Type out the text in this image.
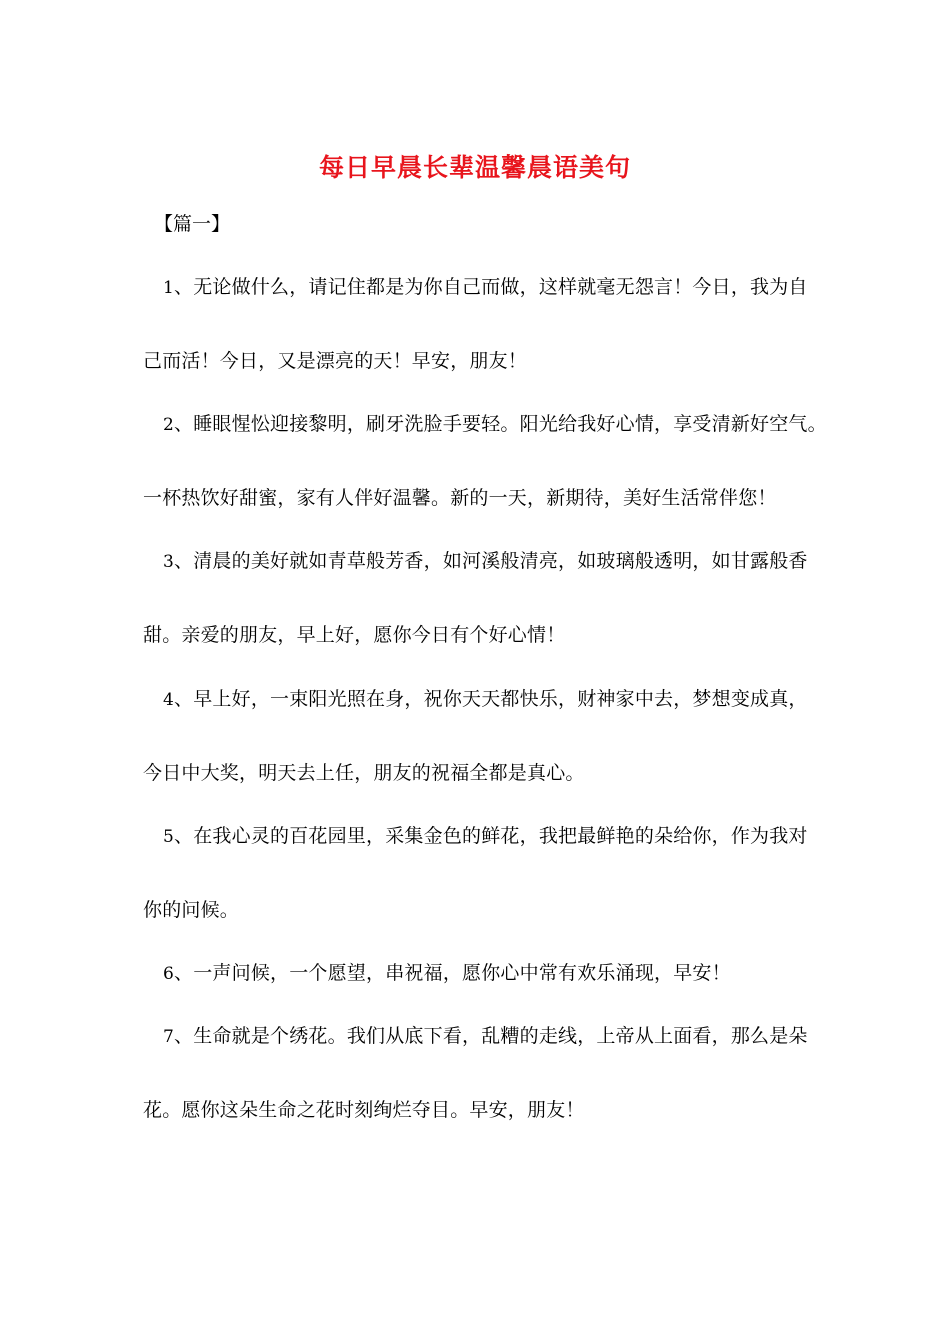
每日早晨长辈温馨晨语美句
【篇一】
1、无论做什么，请记住都是为你自己而做，这样就毫无怨言！今日，我为自
己而活！今日，又是漂亮的天！早安，朋友！
2、睡眼惺忪迎接黎明，刷牙洗脸手要轻。阳光给我好心情，享受清新好空气。
一杯热饮好甜蜜，家有人伴好温馨。新的一天，新期待，美好生活常伴您！
3、清晨的美好就如青草般芳香，如河溪般清亮，如玻璃般透明，如甘露般香
甜。亲爱的朋友，早上好，愿你今日有个好心情！
4、早上好，一束阳光照在身，祝你天天都快乐，财神家中去，梦想变成真，
今日中大奖，明天去上任，朋友的祝福全都是真心。
5、在我心灵的百花园里，采集金色的鲜花，我把最鲜艳的朵给你，作为我对
你的问候。
6、一声问候，一个愿望，串祝福，愿你心中常有欢乐涌现，早安！
7、生命就是个绣花。我们从底下看，乱糟的走线，上帝从上面看，那么是朵
花。愿你这朵生命之花时刻绚烂夺目。早安，朋友！
